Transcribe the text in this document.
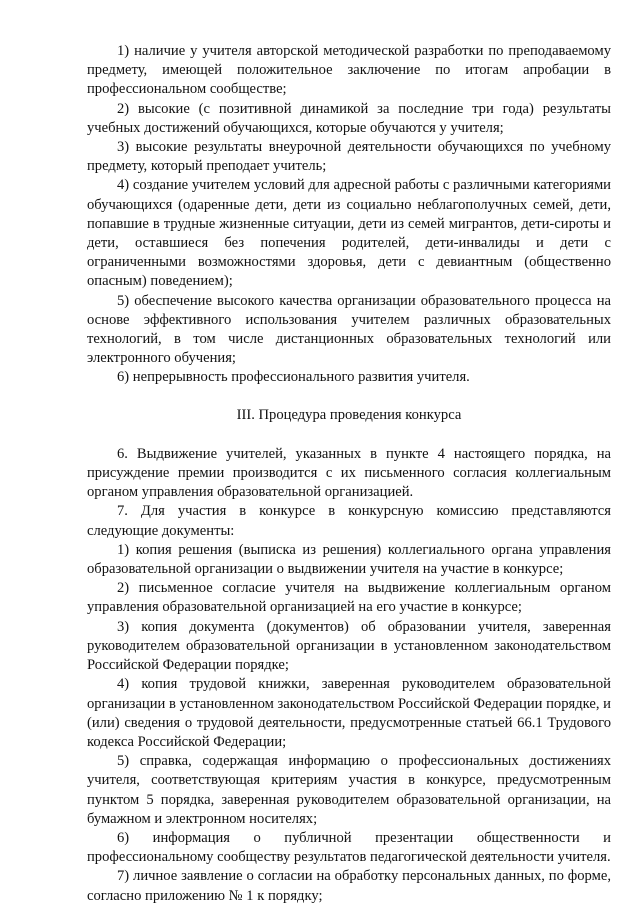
1) наличие у учителя авторской методической разработки по преподаваемому предмету, имеющей положительное заключение по итогам апробации в профессиональном сообществе;

2) высокие (с позитивной динамикой за последние три года) результаты учебных достижений обучающихся, которые обучаются у учителя;

3) высокие результаты внеурочной деятельности обучающихся по учебному предмету, который преподает учитель;

4) создание учителем условий для адресной работы с различными категориями обучающихся (одаренные дети, дети из социально неблагополучных семей, дети, попавшие в трудные жизненные ситуации, дети из семей мигрантов, дети-сироты и дети, оставшиеся без попечения родителей, дети-инвалиды и дети с ограниченными возможностями здоровья, дети с девиантным (общественно опасным) поведением);

5) обеспечение высокого качества организации образовательного процесса на основе эффективного использования учителем различных образовательных технологий, в том числе дистанционных образовательных технологий или электронного обучения;

6) непрерывность профессионального развития учителя.

III. Процедура проведения конкурса

6. Выдвижение учителей, указанных в пункте 4 настоящего порядка, на присуждение премии производится с их письменного согласия коллегиальным органом управления образовательной организацией.

7. Для участия в конкурсе в конкурсную комиссию представляются следующие документы:

1) копия решения (выписка из решения) коллегиального органа управления образовательной организации о выдвижении учителя на участие в конкурсе;

2) письменное согласие учителя на выдвижение коллегиальным органом управления образовательной организацией на его участие в конкурсе;

3) копия документа (документов) об образовании учителя, заверенная руководителем образовательной организации в установленном законодательством Российской Федерации порядке;

4) копия трудовой книжки, заверенная руководителем образовательной организации в установленном законодательством Российской Федерации порядке, и (или) сведения о трудовой деятельности, предусмотренные статьей 66.1 Трудового кодекса Российской Федерации;

5) справка, содержащая информацию о профессиональных достижениях учителя, соответствующая критериям участия в конкурсе, предусмотренным пунктом 5 порядка, заверенная руководителем образовательной организации, на бумажном и электронном носителях;

6) информация о публичной презентации общественности и профессиональному сообществу результатов педагогической деятельности учителя.

7) личное заявление о согласии на обработку персональных данных, по форме, согласно приложению № 1 к порядку;
